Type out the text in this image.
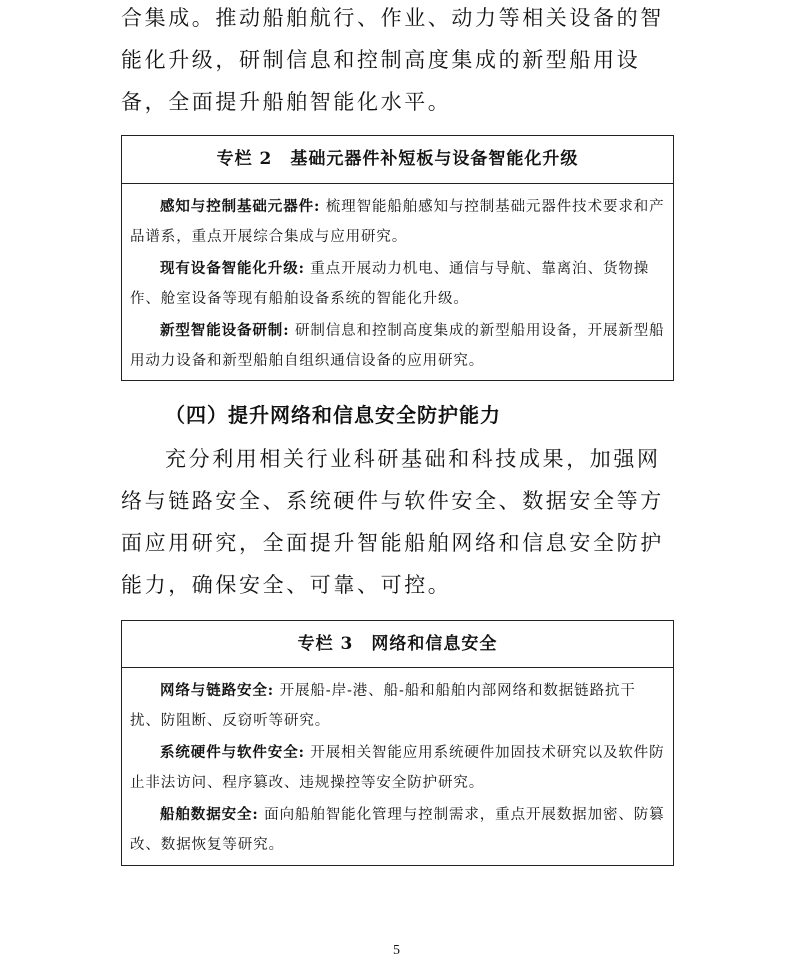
合集成。推动船舶航行、作业、动力等相关设备的智能化升级，研制信息和控制高度集成的新型船用设备，全面提升船舶智能化水平。

专栏 2 基础元器件补短板与设备智能化升级

感知与控制基础元器件: 梳理智能船舶感知与控制基础元器件技术要求和产品谱系，重点开展综合集成与应用研究。

现有设备智能化升级: 重点开展动力机电、通信与导航、靠离泊、货物操作、舱室设备等现有船舶设备系统的智能化升级。

新型智能设备研制: 研制信息和控制高度集成的新型船用设备，开展新型船用动力设备和新型船舶自组织通信设备的应用研究。

（四）提升网络和信息安全防护能力

充分利用相关行业科研基础和科技成果，加强网络与链路安全、系统硬件与软件安全、数据安全等方面应用研究，全面提升智能船舶网络和信息安全防护能力，确保安全、可靠、可控。

专栏 3 网络和信息安全

网络与链路安全: 开展船-岸-港、船-船和船舶内部网络和数据链路抗干扰、防阻断、反窃听等研究。

系统硬件与软件安全: 开展相关智能应用系统硬件加固技术研究以及软件防止非法访问、程序篡改、违规操控等安全防护研究。

船舶数据安全: 面向船舶智能化管理与控制需求，重点开展数据加密、防篡改、数据恢复等研究。

5
